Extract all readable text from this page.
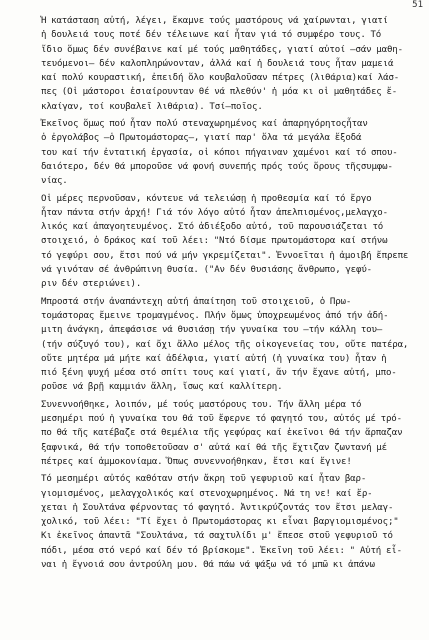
51

Ἡ κατάσταση αὐτή, λέγει, ἔκαμνε τούς μαστόρους νά χαίρωνται, γιατί
ἡ δουλειά τους ποτέ δέν τέλειωνε καί ἦταν γιά τό συμφέρο τους. Τό
ἴδιο ὅμως δέν συνέβαινε καί μέ τούς μαθητάδες, γιατί αὐτοί —σάν μαθη-
τευόμενοι— δέν καλοπληρώνονταν, ἀλλά καί ἡ δουλειά τους ἦταν μαμειά
καί πολύ κουραστική, ἐπειδή ὅλο κουβαλοῦσαν πέτρες (λιθάρια)καί λάσ-
πες (Οἱ μάστοροι ἐσιαίρουνταν θέ νά πλεθύν' ἡ μόα κι οἱ μαθητάδες ἔ-
κλαίγαν, τοί κουβαλεῖ λιθάρια). Τσί—ποῖος.

Ἐκεῖνος ὅμως πού ἦταν πολύ στεναχωρημένος καί ἀπαρηγόρητοςἦταν
ὁ ἐργολάβος —ὁ Πρωτομάστορας—, γιατί παρ' ὅλα τά μεγάλα ἔξοδά
του καί τήν ἐντατική ἐργασία, οἱ κόποι πήγαιναν χαμένοι καί τό σπου-
δαιότερο, δέν θά μποροῦσε νά φονή συνεπής πρός τούς ὅρους τῆςσυμφω-
νίας.

Οἱ μέρες περνοῦσαν, κόντευε νά τελειώσῃ ἡ προθεσμία καί τό ἔργο
ἦταν πάντα στήν ἀρχή! Γιά τόν λόγο αὐτό ἦταν ἀπελπισμένος,μελαγχο-
λικός καί ἀπαγοητευμένος. Στό ἀδιέξοδο αὐτό, τοῦ παρουσιάζεται τό
στοιχειό, ὁ δράκος καί τοῦ λέει: "Ντό δίσμε πρωτομάστορα καί στήνω
τό γεφύρι σου, ἔτσι πού νά μήν γκρεμίζεται". Ἐννοεῖται ἡ ἀμοιβή ἔπρεπε
νά γινόταν σέ ἀνθρώπινη θυσία. ("Αν δέν θυσιάσης ἄνθρωπο, γεφύ-
ριν δέν στεριώνει).

Μπροστά στήν ἀναπάντεχη αὐτή ἀπαίτηση τοῦ στοιχειοῦ, ὁ Πρω-
τομάστορας ἔμεινε τρομαγμένος. Πλήν ὅμως ὑποχρεωμένος ἀπό τήν ἀδή-
μιτη ἀνάγκη, ἀπεφάσισε νά θυσιάσῃ τήν γυναίκα του —τήν κάλλη του—
(τήν σύζυγό του), καί ὄχι ἄλλο μέλος τῆς οἰκογενείας του, οὔτε πατέρα,
οὔτε μητέρα μά μήτε καί ἀδέλφια, γιατί αὐτή (ἡ γυναίκα του) ἦταν ἡ
πιό ξένη ψυχή μέσα στό σπίτι τους καί γιατί, ἄν τήν ἔχανε αὐτή, μπο-
ροῦσε νά βρῇ καμμιάν ἄλλη, ἴσως καί καλλίτερη.

Συνεννοήθηκε, λοιπόν, μέ τούς μαστόρους του. Τήν ἄλλη μέρα τό
μεσημέρι πού ἡ γυναίκα του θά τοῦ ἔφερνε τό φαγητό του, αὐτός μέ τρό-
πο θά τῆς κατέβαζε στά θεμέλια τῆς γεφύρας καί ἐκεῖνοι θά τήν ἅρπαζαν
ξαφνικά, θά τήν τοποθετοῦσαν σ' αὐτά καί θά τῆς ἔχτιζαν ζωντανή μέ
πέτρες καί ἀμμοκονίαμα. Ὅπως συνεννοήθηκαν, ἔτσι καί ἔγινε!

Τό μεσημέρι αὐτός καθόταν στήν ἄκρη τοῦ γεφυριοῦ καί ἦταν βαρ-
γιομισμένος, μελαγχολικός καί στενοχωρημένος. Νά τη νε! καί ἔρ-
χεται ἡ Σουλτάνα φέρνοντας τό φαγητό. Ἀντικρύζοντάς τον ἔτσι μελαγ-
χολικό, τοῦ λέει: "Τί ἔχει ὁ Πρωτομάστορας κι εἶναι βαργιομισμένος;"
Κι ἐκεῖνος ἀπαντᾶ "Σουλτάνα, τά σαχτυλίδι μ' ἔπεσε στοῦ γεφυριοῦ τό
πόδι, μέσα στό νερό καί δέν τό βρίσκομε". Ἐκεῖνη τοῦ λέει: " Αὐτή εἶ-
ναι ἡ ἔγνοιά σου ἀντρούλη μου. Θά πάω νά ψάξω νά τό μπῶ κι ἀπάνω
